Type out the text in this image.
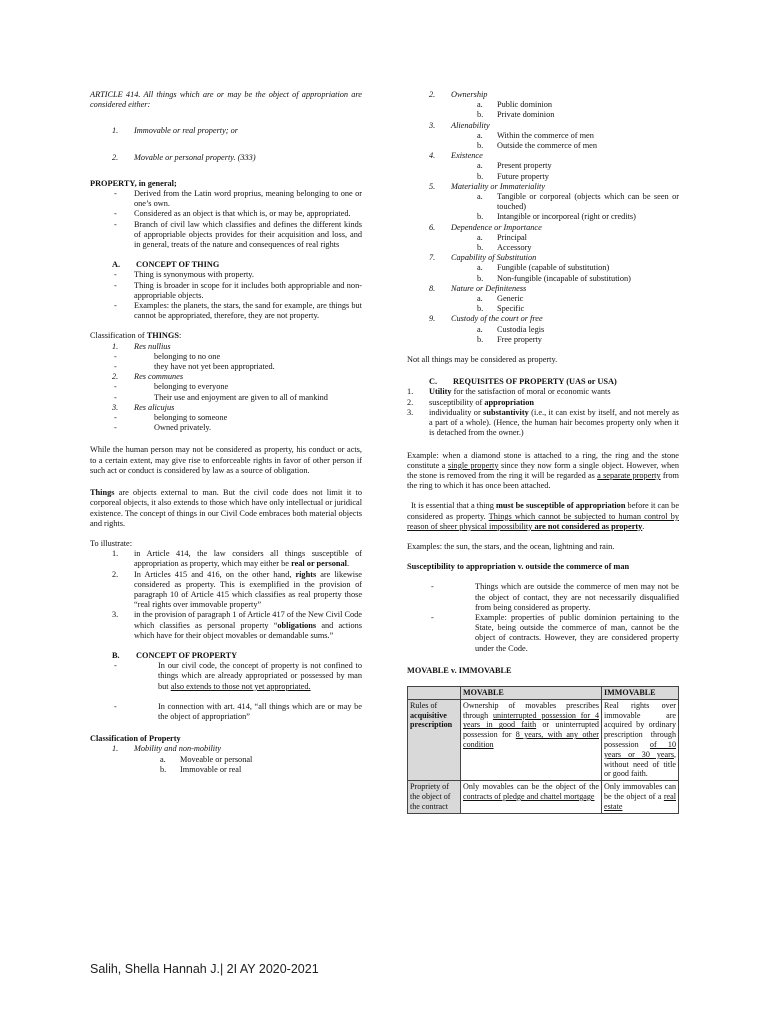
ARTICLE 414. All things which are or may be the object of appropriation are considered either:

1. Immovable or real property; or

2. Movable or personal property. (333)

PROPERTY, in general;

- Derived from the Latin word proprius, meaning belonging to one or one’s own.

- Considered as an object is that which is, or may be, appropriated.

- Branch of civil law which classifies and defines the different kinds of appropriable objects provides for their acquisition and loss, and in general, treats of the nature and consequences of real rights

A. CONCEPT OF THING

- Thing is synonymous with property.

- Thing is broader in scope for it includes both appropriable and non-appropriable objects.

- Examples: the planets, the stars, the sand for example, are things but cannot be appropriated, therefore, they are not property.

Classification of THINGS:

1. Res nullius

- belonging to no one

- they have not yet been appropriated.

2. Res communes

- belonging to everyone

- Their use and enjoyment are given to all of mankind

3. Res alicujus

- belonging to someone

- Owned privately.

While the human person may not be considered as property, his conduct or acts, to a certain extent, may give rise to enforceable rights in favor of other person if such act or conduct is considered by law as a source of obligation.

Things are objects external to man. But the civil code does not limit it to corporeal objects, it also extends to those which have only intellectual or juridical existence. The concept of things in our Civil Code embraces both material objects and rights.

To illustrate:

1. in Article 414, the law considers all things susceptible of appropriation as property, which may either be real or personal.

2. In Articles 415 and 416, on the other hand, rights are likewise considered as property. This is exemplified in the provision of paragraph 10 of Article 415 which classifies as real property those “real rights over immovable property”

3. in the provision of paragraph 1 of Article 417 of the New Civil Code which classifies as personal property “obligations and actions which have for their object movables or demandable sums.”

B. CONCEPT OF PROPERTY

- In our civil code, the concept of property is not confined to things which are already appropriated or possessed by man but also extends to those not yet appropriated.

- In connection with art. 414, “all things which are or may be the object of appropriation”

Classification of Property

1. Mobility and non-mobility

a. Moveable or personal

b. Immovable or real

2. Ownership

a. Public dominion

b. Private dominion

3. Alienability

a. Within the commerce of men

b. Outside the commerce of men

4. Existence

a. Present property

b. Future property

5. Materiality or Immateriality

a. Tangible or corporeal (objects which can be seen or touched)

b. Intangible or incorporeal (right or credits)

6. Dependence or Importance

a. Principal

b. Accessory

7. Capability of Substitution

a. Fungible (capable of substitution)

b. Non-fungible (incapable of substitution)

8. Nature or Definiteness

a. Generic

b. Specific

9. Custody of the court or free

a. Custodia legis

b. Free property

Not all things may be considered as property.

C. REQUISITES OF PROPERTY (UAS or USA)

1. Utility for the satisfaction of moral or economic wants

2. susceptibility of appropriation

3. individuality or substantivity (i.e., it can exist by itself, and not merely as a part of a whole). (Hence, the human hair becomes property only when it is detached from the owner.)

Example: when a diamond stone is attached to a ring, the ring and the stone constitute a single property since they now form a single object. However, when the stone is removed from the ring it will be regarded as a separate property from the ring to which it has once been attached.

It is essential that a thing must be susceptible of appropriation before it can be considered as property. Things which cannot be subjected to human control by reason of sheer physical impossibility are not considered as property.

Examples: the sun, the stars, and the ocean, lightning and rain.

Susceptibility to appropriation v. outside the commerce of man

- Things which are outside the commerce of men may not be the object of contact, they are not necessarily disqualified from being considered as property.

- Example: properties of public dominion pertaining to the State, being outside the commerce of man, cannot be the object of contracts. However, they are considered property under the Code.

MOVABLE v. IMMOVABLE

	MOVABLE	IMMOVABLE
Rules of acquisitive prescription	Ownership of movables prescribes through uninterrupted possession for 4 years in good faith or uninterrupted possession for 8 years, with any other condition	Real rights over immovable are acquired by ordinary prescription through possession of 10 years or 30 years, without need of title or good faith.
Propriety of the object of the contract	Only movables can be the object of the contracts of pledge and chattel mortgage	Only immovables can be the object of a real estate
Salih, Shella Hannah J.| 2I AY 2020-2021
